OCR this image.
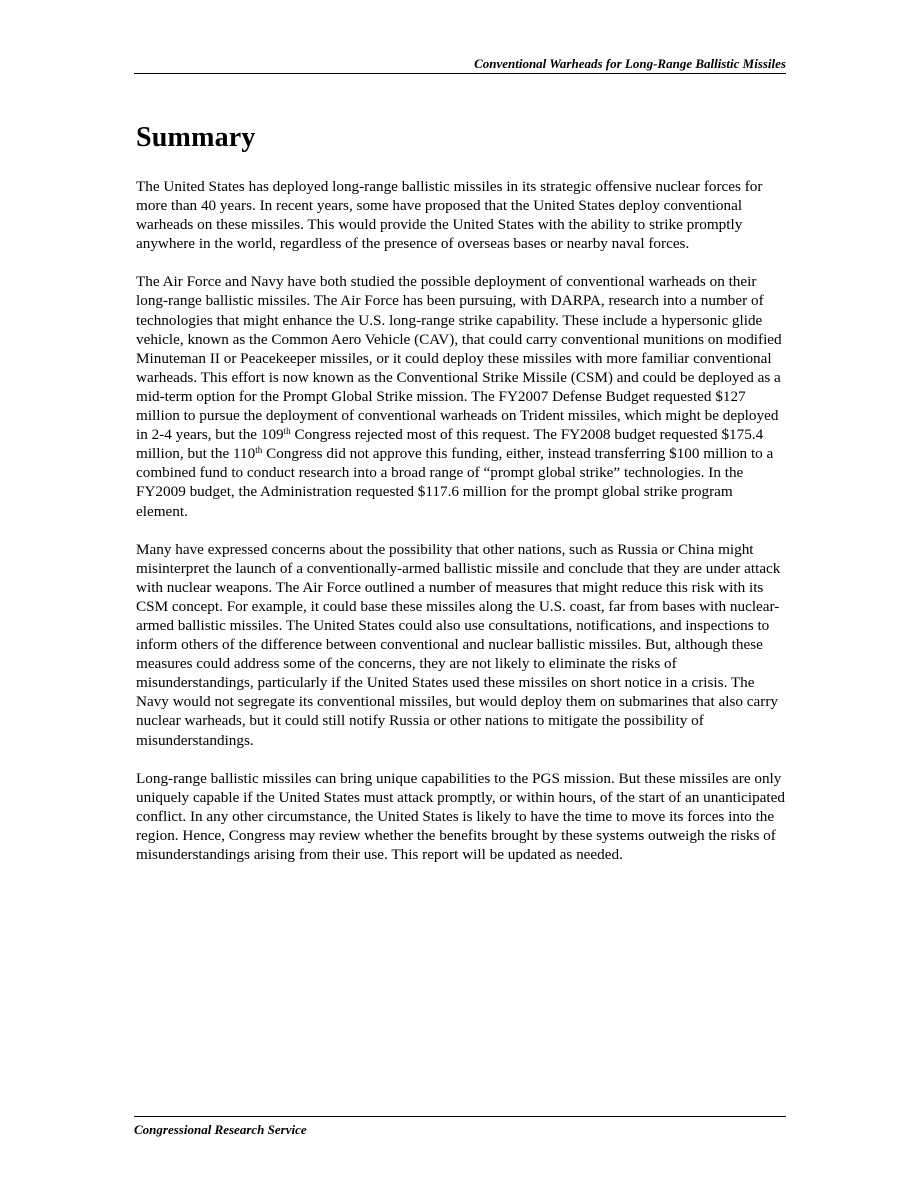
Conventional Warheads for Long-Range Ballistic Missiles
Summary

The United States has deployed long-range ballistic missiles in its strategic offensive nuclear forces for more than 40 years. In recent years, some have proposed that the United States deploy conventional warheads on these missiles. This would provide the United States with the ability to strike promptly anywhere in the world, regardless of the presence of overseas bases or nearby naval forces.

The Air Force and Navy have both studied the possible deployment of conventional warheads on their long-range ballistic missiles. The Air Force has been pursuing, with DARPA, research into a number of technologies that might enhance the U.S. long-range strike capability. These include a hypersonic glide vehicle, known as the Common Aero Vehicle (CAV), that could carry conventional munitions on modified Minuteman II or Peacekeeper missiles, or it could deploy these missiles with more familiar conventional warheads. This effort is now known as the Conventional Strike Missile (CSM) and could be deployed as a mid-term option for the Prompt Global Strike mission. The FY2007 Defense Budget requested $127 million to pursue the deployment of conventional warheads on Trident missiles, which might be deployed in 2-4 years, but the 109th Congress rejected most of this request. The FY2008 budget requested $175.4 million, but the 110th Congress did not approve this funding, either, instead transferring $100 million to a combined fund to conduct research into a broad range of “prompt global strike” technologies. In the FY2009 budget, the Administration requested $117.6 million for the prompt global strike program element.

Many have expressed concerns about the possibility that other nations, such as Russia or China might misinterpret the launch of a conventionally-armed ballistic missile and conclude that they are under attack with nuclear weapons. The Air Force outlined a number of measures that might reduce this risk with its CSM concept. For example, it could base these missiles along the U.S. coast, far from bases with nuclear-armed ballistic missiles. The United States could also use consultations, notifications, and inspections to inform others of the difference between conventional and nuclear ballistic missiles. But, although these measures could address some of the concerns, they are not likely to eliminate the risks of misunderstandings, particularly if the United States used these missiles on short notice in a crisis. The Navy would not segregate its conventional missiles, but would deploy them on submarines that also carry nuclear warheads, but it could still notify Russia or other nations to mitigate the possibility of misunderstandings.

Long-range ballistic missiles can bring unique capabilities to the PGS mission. But these missiles are only uniquely capable if the United States must attack promptly, or within hours, of the start of an unanticipated conflict. In any other circumstance, the United States is likely to have the time to move its forces into the region. Hence, Congress may review whether the benefits brought by these systems outweigh the risks of misunderstandings arising from their use. This report will be updated as needed.

Congressional Research Service
